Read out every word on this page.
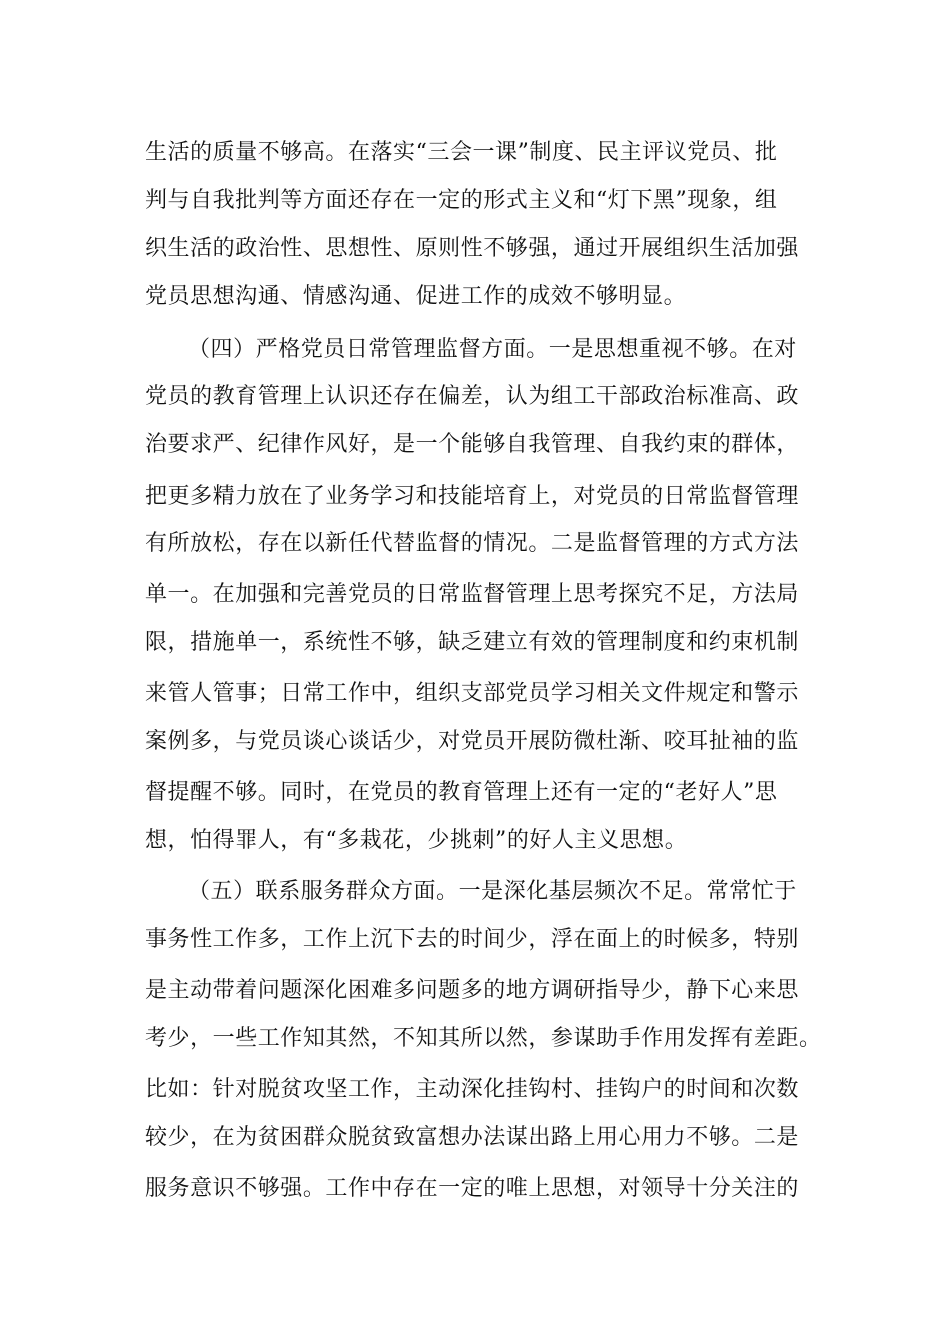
生活的质量不够高。在落实“三会一课”制度、民主评议党员、批
判与自我批判等方面还存在一定的形式主义和“灯下黑”现象，组
织生活的政治性、思想性、原则性不够强，通过开展组织生活加强
党员思想沟通、情感沟通、促进工作的成效不够明显。
（四）严格党员日常管理监督方面。一是思想重视不够。在对
党员的教育管理上认识还存在偏差，认为组工干部政治标准高、政
治要求严、纪律作风好，是一个能够自我管理、自我约束的群体，
把更多精力放在了业务学习和技能培育上，对党员的日常监督管理
有所放松，存在以新任代替监督的情况。二是监督管理的方式方法
单一。在加强和完善党员的日常监督管理上思考探究不足，方法局
限，措施单一，系统性不够，缺乏建立有效的管理制度和约束机制
来管人管事；日常工作中，组织支部党员学习相关文件规定和警示
案例多，与党员谈心谈话少，对党员开展防微杜渐、咬耳扯袖的监
督提醒不够。同时，在党员的教育管理上还有一定的“老好人”思
想，怕得罪人，有“多栽花，少挑刺”的好人主义思想。
（五）联系服务群众方面。一是深化基层频次不足。常常忙于
事务性工作多，工作上沉下去的时间少，浮在面上的时候多，特别
是主动带着问题深化困难多问题多的地方调研指导少，静下心来思
考少，一些工作知其然，不知其所以然，参谋助手作用发挥有差距。
比如：针对脱贫攻坚工作，主动深化挂钩村、挂钩户的时间和次数
较少，在为贫困群众脱贫致富想办法谋出路上用心用力不够。二是
服务意识不够强。工作中存在一定的唯上思想，对领导十分关注的
